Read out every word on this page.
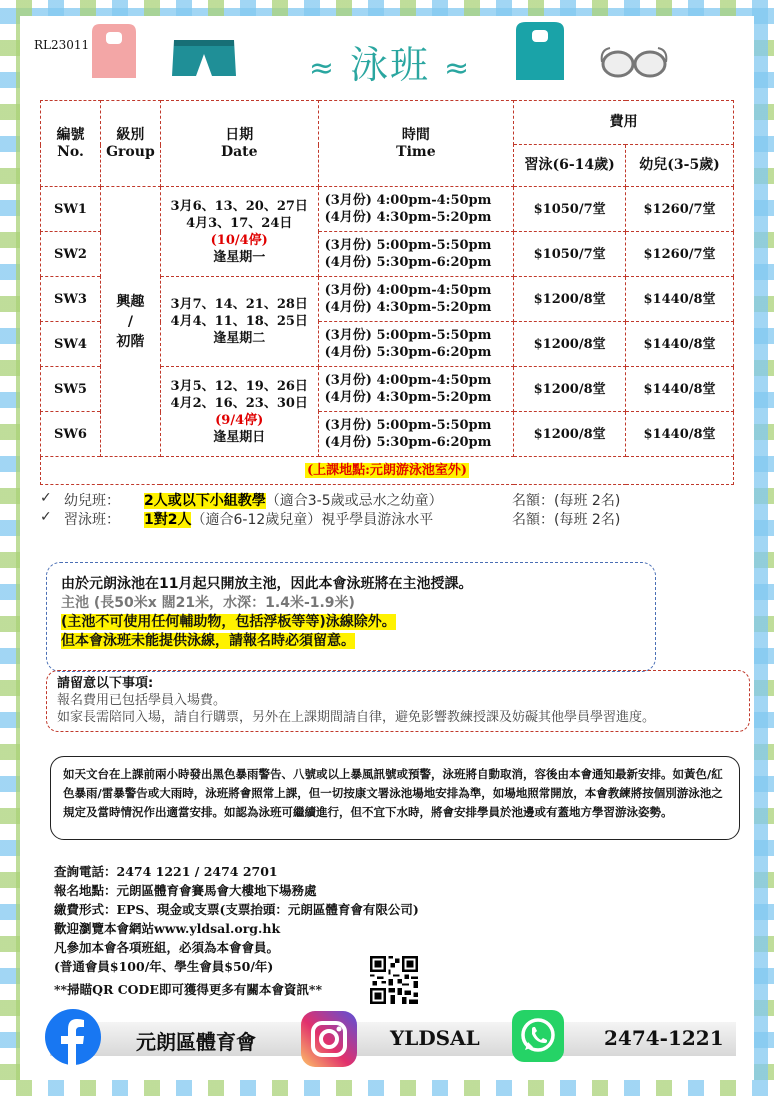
RL23011
≈ 泳班 ≈
編號
No.	級別
Group	日期
Date	時間
Time	費用	
				習泳(6-14歲)	幼兒(3-5歲)
SW1	興趣
/
初階	3月6、13、20、27日
4月3、17、24日
(10/4停)
逢星期一	(3月份) 4:00pm-4:50pm
(4月份) 4:30pm-5:20pm	$1050/7堂	$1260/7堂
SW2			(3月份) 5:00pm-5:50pm
(4月份) 5:30pm-6:20pm	$1050/7堂	$1260/7堂
SW3		3月7、14、21、28日
4月4、11、18、25日
逢星期二	(3月份) 4:00pm-4:50pm
(4月份) 4:30pm-5:20pm	$1200/8堂	$1440/8堂
SW4			(3月份) 5:00pm-5:50pm
(4月份) 5:30pm-6:20pm	$1200/8堂	$1440/8堂
SW5		3月5、12、19、26日
4月2、16、23、30日
(9/4停)
逢星期日	(3月份) 4:00pm-4:50pm
(4月份) 4:30pm-5:20pm	$1200/8堂	$1440/8堂
SW6			(3月份) 5:00pm-5:50pm
(4月份) 5:30pm-6:20pm	$1200/8堂	$1440/8堂
(上課地點:元朗游泳池室外)					
✓ 幼兒班：	2人或以下小組教學（適合3-5歲或忌水之幼童）	名額：(每班 2名)
✓ 習泳班：	1對2人（適合6-12歲兒童）視乎學員游泳水平	名額：(每班 2名)
由於元朗泳池在11月起只開放主池，因此本會泳班將在主池授課。
主池 (長50米x 闊21米，水深：1.4米-1.9米)
(主池不可使用任何輔助物，包括浮板等等)泳線除外。
但本會泳班未能提供泳線，請報名時必須留意。
請留意以下事項:
報名費用已包括學員入場費。
如家長需陪同入場，請自行購票，另外在上課期間請自律，避免影響教練授課及妨礙其他學員學習進度。
如天文台在上課前兩小時發出黑色暴雨警告、八號或以上暴風訊號或預警，泳班將自動取消，容後由本會通知最新安排。如黃色/紅色暴雨/雷暴警告或大雨時，泳班將會照常上課，但一切按康文署泳池場地安排為準，如場地照常開放，本會教練將按個別游泳池之規定及當時情況作出適當安排。如認為泳班可繼續進行，但不宜下水時，將會安排學員於池邊或有蓋地方學習游泳姿勢。
查詢電話：2474 1221 / 2474 2701
報名地點：元朗區體育會賽馬會大樓地下場務處
繳費形式：EPS、現金或支票(支票抬頭：元朗區體育會有限公司)
歡迎瀏覽本會網站www.yldsal.org.hk
凡參加本會各項班組，必須為本會會員。
(普通會員$100/年、學生會員$50/年)
**掃瞄QR CODE即可獲得更多有關本會資訊**
元朗區體育會	YLDSAL	2474-1221
